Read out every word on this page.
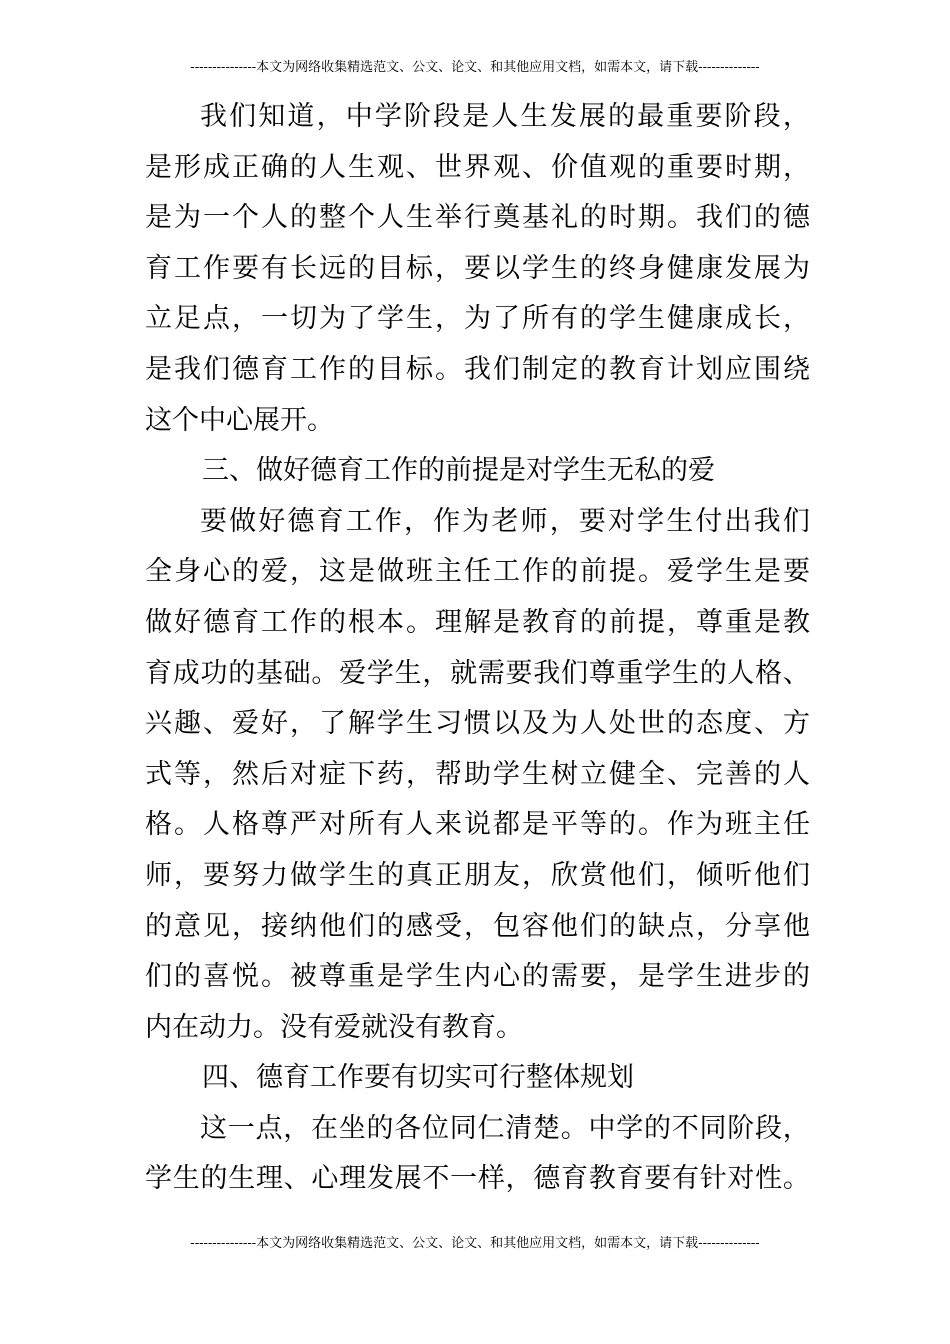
---------------本文为网络收集精选范文、公文、论文、和其他应用文档，如需本文，请下载--------------
我 们 知 道 ， 中 学 阶 段 是 人 生 发 展 的 最 重 要 阶 段 ，
是 形 成 正 确 的 人 生 观 、 世 界 观 、 价 值 观 的 重 要 时 期 ，
是 为 一 个 人 的 整 个 人 生 举 行 奠 基 礼 的 时 期 。 我 们 的 德
育 工 作 要 有 长 远 的 目 标 ， 要 以 学 生 的 终 身 健 康 发 展 为
立 足 点 ， 一 切 为 了 学 生 ， 为 了 所 有 的 学 生 健 康 成 长 ，
是 我 们 德 育 工 作 的 目 标 。 我 们 制 定 的 教 育 计 划 应 围 绕
这个中心展开。
三、做好德育工作的前提是对学生无私的爱
要 做 好 德 育 工 作 ， 作 为 老 师 ， 要 对 学 生 付 出 我 们
全 身 心 的 爱 ， 这 是 做 班 主 任 工 作 的 前 提 。 爱 学 生 是 要
做 好 德 育 工 作 的 根 本 。 理 解 是 教 育 的 前 提 ， 尊 重 是 教
育 成 功 的 基 础 。 爱 学 生 ， 就 需 要 我 们 尊 重 学 生 的 人 格 、
兴 趣 、 爱 好 ， 了 解 学 生 习 惯 以 及 为 人 处 世 的 态 度 、 方
式 等 ， 然 后 对 症 下 药 ， 帮 助 学 生 树 立 健 全 、 完 善 的 人
格 。 人 格 尊 严 对 所 有 人 来 说 都 是 平 等 的 。 作 为 班 主 任
师 ， 要 努 力 做 学 生 的 真 正 朋 友 ， 欣 赏 他 们 ， 倾 听 他 们
的 意 见 ， 接 纳 他 们 的 感 受 ， 包 容 他 们 的 缺 点 ， 分 享 他
们 的 喜 悦 。 被 尊 重 是 学 生 内 心 的 需 要 ， 是 学 生 进 步 的
内在动力。没有爱就没有教育。
四、德育工作要有切实可行整体规划
这 一 点 ， 在 坐 的 各 位 同 仁 清 楚 。 中 学 的 不 同 阶 段 ，
学 生 的 生 理 、 心 理 发 展 不 一 样 ， 德 育 教 育 要 有 针 对 性 。
---------------本文为网络收集精选范文、公文、论文、和其他应用文档，如需本文，请下载--------------
